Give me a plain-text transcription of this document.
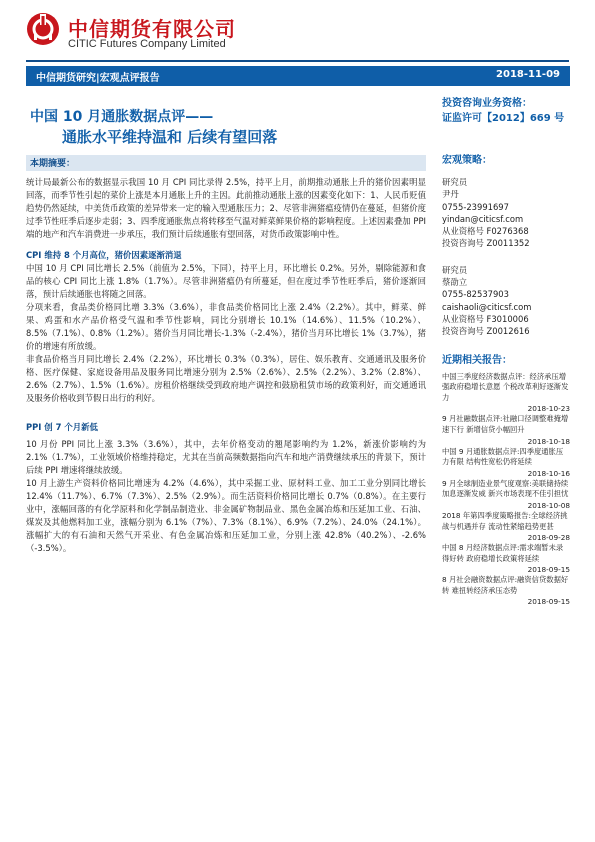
中信期货有限公司
CITIC Futures Company Limited
中信期货研究|宏观点评报告	2018-11-09
中国 10 月通胀数据点评——
通胀水平维持温和 后续有望回落
本期摘要：

统计局最新公布的数据显示我国 10 月 CPI 同比录得 2.5%，持平上月，前期推动通胀上升的猪价因素明显回落，而季节性引起的菜价上涨是本月通胀上升的主因。此前推动通胀上涨的因素变化如下：1、人民币贬值趋势仍然延续，中美货币政策的差异带来一定的输入型通胀压力；2、尽管非洲猪瘟疫情仍在蔓延，但猪价度过季节性旺季后逐步走弱；3、四季度通胀焦点将转移至气温对鲜菜鲜果价格的影响程度。上述因素叠加 PPI 端的地产和汽车消费进一步承压，我们预计后续通胀有望回落，对货币政策影响中性。

CPI 维持 8 个月高位，猪价因素逐渐消退

中国 10 月 CPI 同比增长 2.5%（前值为 2.5%，下同），持平上月，环比增长 0.2%。另外，剔除能源和食品的核心 CPI 同比上涨 1.8%（1.7%）。尽管非洲猪瘟仍有所蔓延，但在度过季节性旺季后，猪价逐渐回落，预计后续通胀也将随之回落。

分项来看，食品类价格同比增 3.3%（3.6%），非食品类价格同比上涨 2.4%（2.2%）。其中，鲜菜、鲜果、鸡蛋和水产品价格受气温和季节性影响，同比分别增长 10.1%（14.6%）、11.5%（10.2%）、8.5%（7.1%）、0.8%（1.2%）。猪价当月同比增长-1.3%（-2.4%），猪价当月环比增长 1%（3.7%），猪价的增速有所放缓。

非食品价格当月同比增长 2.4%（2.2%），环比增长 0.3%（0.3%），居住、娱乐教育、交通通讯及服务价格、医疗保健、家庭设备用品及服务同比增速分别为 2.5%（2.6%）、2.5%（2.2%）、3.2%（2.8%）、2.6%（2.7%）、1.5%（1.6%）。房租价格继续受到政府地产调控和鼓励租赁市场的政策利好，而交通通讯及服务价格收到节假日出行的利好。

PPI 创 7 个月新低

10 月份 PPI 同比上涨 3.3%（3.6%），其中，去年价格变动的翘尾影响约为 1.2%，新涨价影响约为 2.1%（1.7%），工业领域价格维持稳定，尤其在当前高频数据指向汽车和地产消费继续承压的背景下，预计后续 PPI 增速将继续放缓。

10 月上游生产资料价格同比增速为 4.2%（4.6%），其中采掘工业、原材料工业、加工工业分别同比增长 12.4%（11.7%）、6.7%（7.3%）、2.5%（2.9%）。而生活资料价格同比增长 0.7%（0.8%）。在主要行业中，涨幅回落的有化学原料和化学制品制造业、非金属矿物制品业、黑色金属冶炼和压延加工业、石油、煤炭及其他燃料加工业，涨幅分别为 6.1%（7%）、7.3%（8.1%）、6.9%（7.2%）、24.0%（24.1%）。涨幅扩大的有石油和天然气开采业、有色金属冶炼和压延加工业，分别上涨 42.8%（40.2%）、-2.6%（-3.5%）。

投资咨询业务资格：
证监许可【2012】669 号
宏观策略：
研究员
尹丹
0755-23991697
yindan@citicsf.com
从业资格号 F0276368
投资咨询号 Z0011352
研究员
蔡劭立
0755-82537903
caishaoli@citicsf.com
从业资格号 F3010006
投资咨询号 Z0012616
近期相关报告：
中国三季度经济数据点评：经济承压增强政府稳增长意愿 个税改革利好逐渐发力
2018-10-23
9 月社融数据点评:社融口径调整难掩增速下行 新增信贷小幅回升
2018-10-18
中国 9 月通胀数据点评:四季度通胀压力有限 结构性宽松仍将延续
2018-10-16
9 月全球制造业景气度观察:美联储持续加息逐渐发威 新兴市场表现不佳引担忧
2018-10-08
2018 年第四季度策略报告:全球经济挑战与机遇并存 流动性紧缩趋势更甚
2018-09-28
中国 8 月经济数据点评:需求端暂未录得好转 政府稳增长政策将延续
2018-09-15
8 月社会融资数据点评:融资信贷数据好转 难扭转经济承压态势
2018-09-15
